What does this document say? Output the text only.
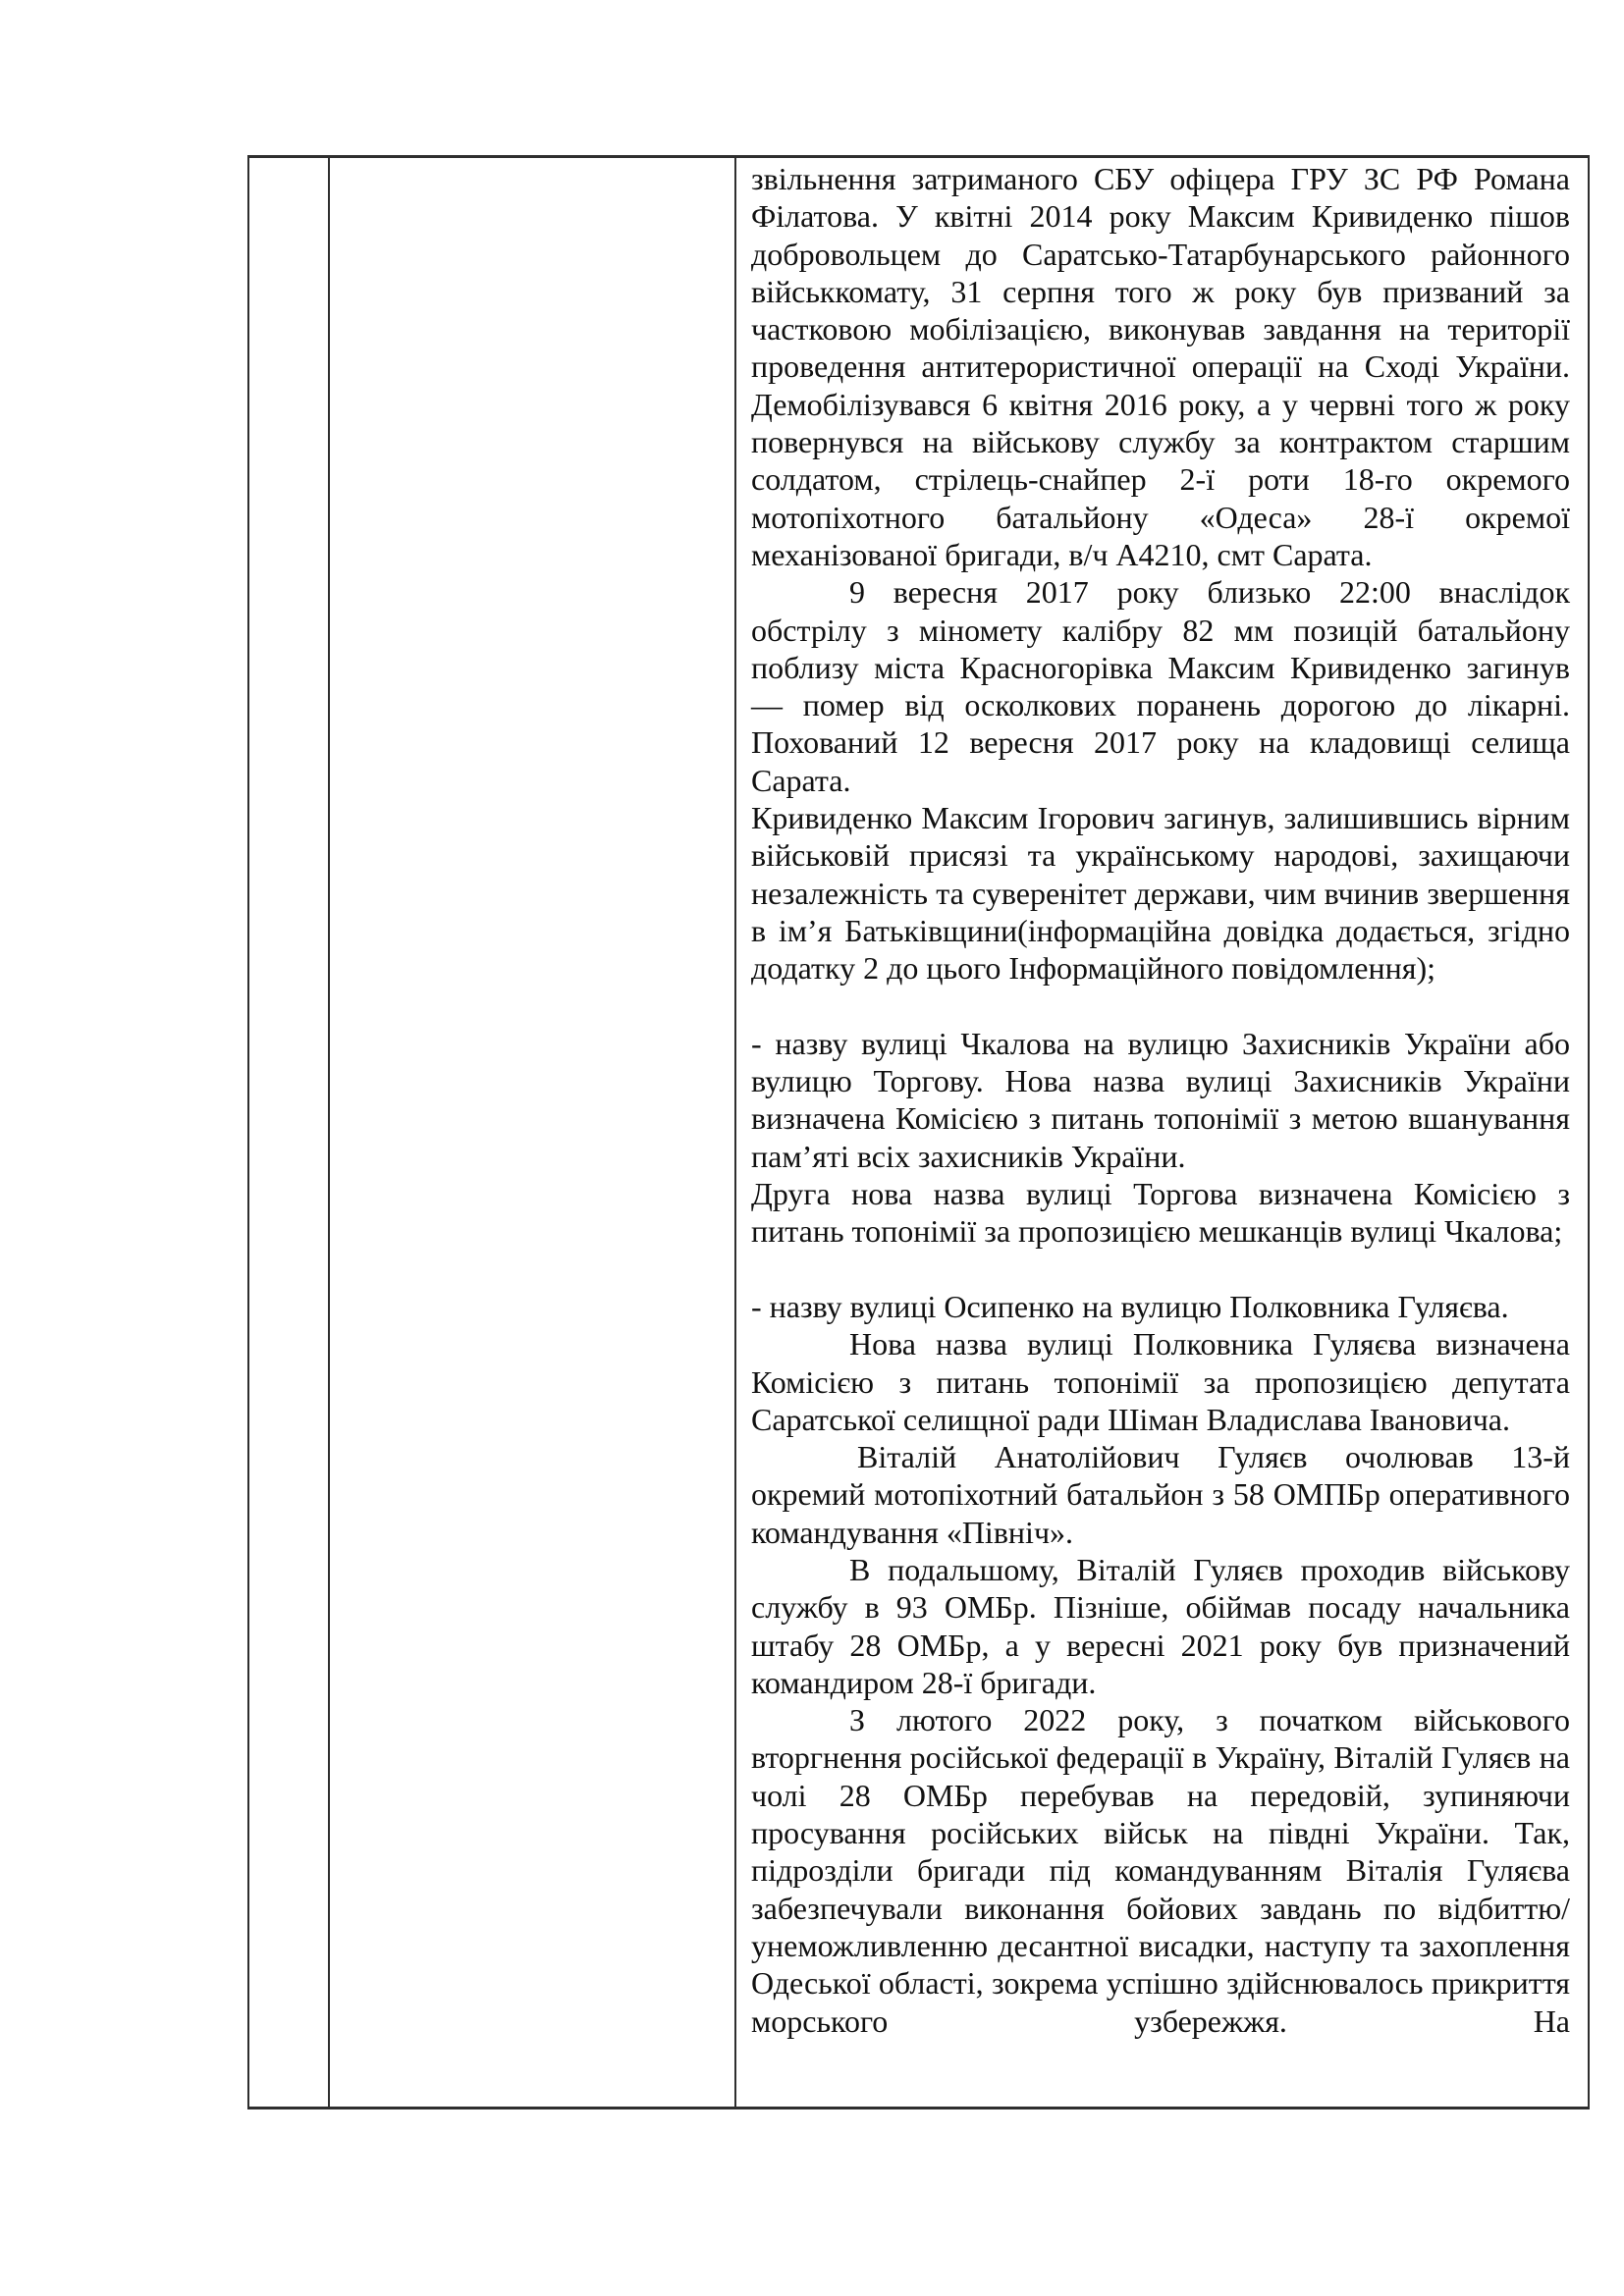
звільнення затриманого СБУ офіцера ГРУ ЗС РФ Романа Філатова. У квітні 2014 року Максим Кривиденко пішов добровольцем до Саратсько-Татарбунарського районного військкомату, 31 серпня того ж року був призваний за частковою мобілізацією, виконував завдання на території проведення антитерористичної операції на Сході України. Демобілізувався 6 квітня 2016 року, а у червні того ж року повернувся на військову службу за контрактом старшим солдатом, стрілець-снайпер 2-ї роти 18-го окремого мотопіхотного батальйону «Одеса» 28-ї окремої механізованої бригади, в/ч А4210, смт Сарата.

9 вересня 2017 року близько 22:00 внаслідок обстрілу з міномету калібру 82 мм позицій батальйону поблизу міста Красногорівка Максим Кривиденко загинув — помер від осколкових поранень дорогою до лікарні. Похований 12 вересня 2017 року на кладовищі селища Сарата.

Кривиденко Максим Ігорович загинув, залишившись вірним військовій присязі та українському народові, захищаючи незалежність та суверенітет держави, чим вчинив звершення в ім’я Батьківщини(інформаційна довідка додається, згідно додатку 2 до цього Інформаційного повідомлення);

- назву вулиці Чкалова на вулицю Захисників України або вулицю Торгову. Нова назва вулиці Захисників України визначена Комісією з питань топонімії з метою вшанування пам’яті всіх захисників України.

Друга нова назва вулиці Торгова визначена Комісією з питань топонімії за пропозицією мешканців вулиці Чкалова;

- назву вулиці Осипенко на вулицю Полковника Гуляєва.

Нова назва вулиці Полковника Гуляєва визначена Комісією з питань топонімії за пропозицією депутата Саратської селищної ради Шіман Владислава Івановича.

Віталій Анатолійович Гуляєв очолював 13-й окремий мотопіхотний батальйон з 58 ОМПБр оперативного командування «Північ».

В подальшому, Віталій Гуляєв проходив військову службу в 93 ОМБр. Пізніше, обіймав посаду начальника штабу 28 ОМБр, а у вересні 2021 року був призначений командиром 28-ї бригади.

З лютого 2022 року, з початком військового вторгнення російської федерації в Україну, Віталій Гуляєв на чолі 28 ОМБр перебував на передовій, зупиняючи просування російських військ на півдні України. Так, підрозділи бригади під командуванням Віталія Гуляєва забезпечували виконання бойових завдань по відбиттю/унеможливленню десантної висадки, наступу та захоплення Одеської області, зокрема успішно здійснювалось прикриття морського узбережжя. На
